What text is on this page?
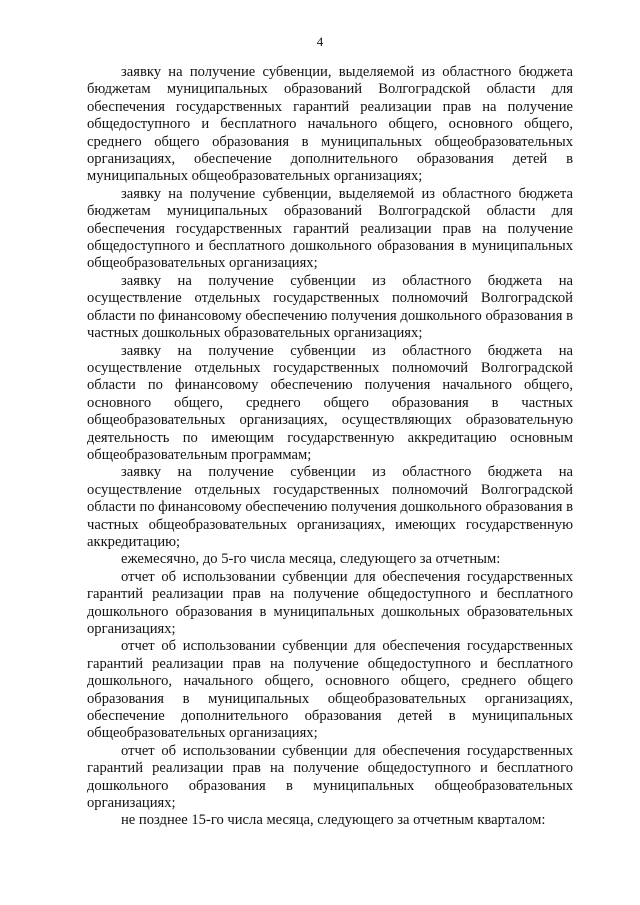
4

заявку на получение субвенции, выделяемой из областного бюджета бюджетам муниципальных образований Волгоградской области для обеспечения государственных гарантий реализации прав на получение общедоступного и бесплатного начального общего, основного общего, среднего общего образования в муниципальных общеобразовательных организациях, обеспечение дополнительного образования детей в муниципальных общеобразовательных организациях;

заявку на получение субвенции, выделяемой из областного бюджета бюджетам муниципальных образований Волгоградской области для обеспечения государственных гарантий реализации прав на получение общедоступного и бесплатного дошкольного образования в муниципальных общеобразовательных организациях;

заявку на получение субвенции из областного бюджета на осуществление отдельных государственных полномочий Волгоградской области по финансовому обеспечению получения дошкольного образования в частных дошкольных образовательных организациях;

заявку на получение субвенции из областного бюджета на осуществление отдельных государственных полномочий Волгоградской области по финансовому обеспечению получения начального общего, основного общего, среднего общего образования в частных общеобразовательных организациях, осуществляющих образовательную деятельность по имеющим государственную аккредитацию основным общеобразовательным программам;

заявку на получение субвенции из областного бюджета на осуществление отдельных государственных полномочий Волгоградской области по финансовому обеспечению получения дошкольного образования в частных общеобразовательных организациях, имеющих государственную аккредитацию;

ежемесячно, до 5-го числа месяца, следующего за отчетным:

отчет об использовании субвенции для обеспечения государственных гарантий реализации прав на получение общедоступного и бесплатного дошкольного образования в муниципальных дошкольных образовательных организациях;

отчет об использовании субвенции для обеспечения государственных гарантий реализации прав на получение общедоступного и бесплатного дошкольного, начального общего, основного общего, среднего общего образования в муниципальных общеобразовательных организациях, обеспечение дополнительного образования детей в муниципальных общеобразовательных организациях;

отчет об использовании субвенции для обеспечения государственных гарантий реализации прав на получение общедоступного и бесплатного дошкольного образования в муниципальных общеобразовательных организациях;

не позднее 15-го числа месяца, следующего за отчетным кварталом:
